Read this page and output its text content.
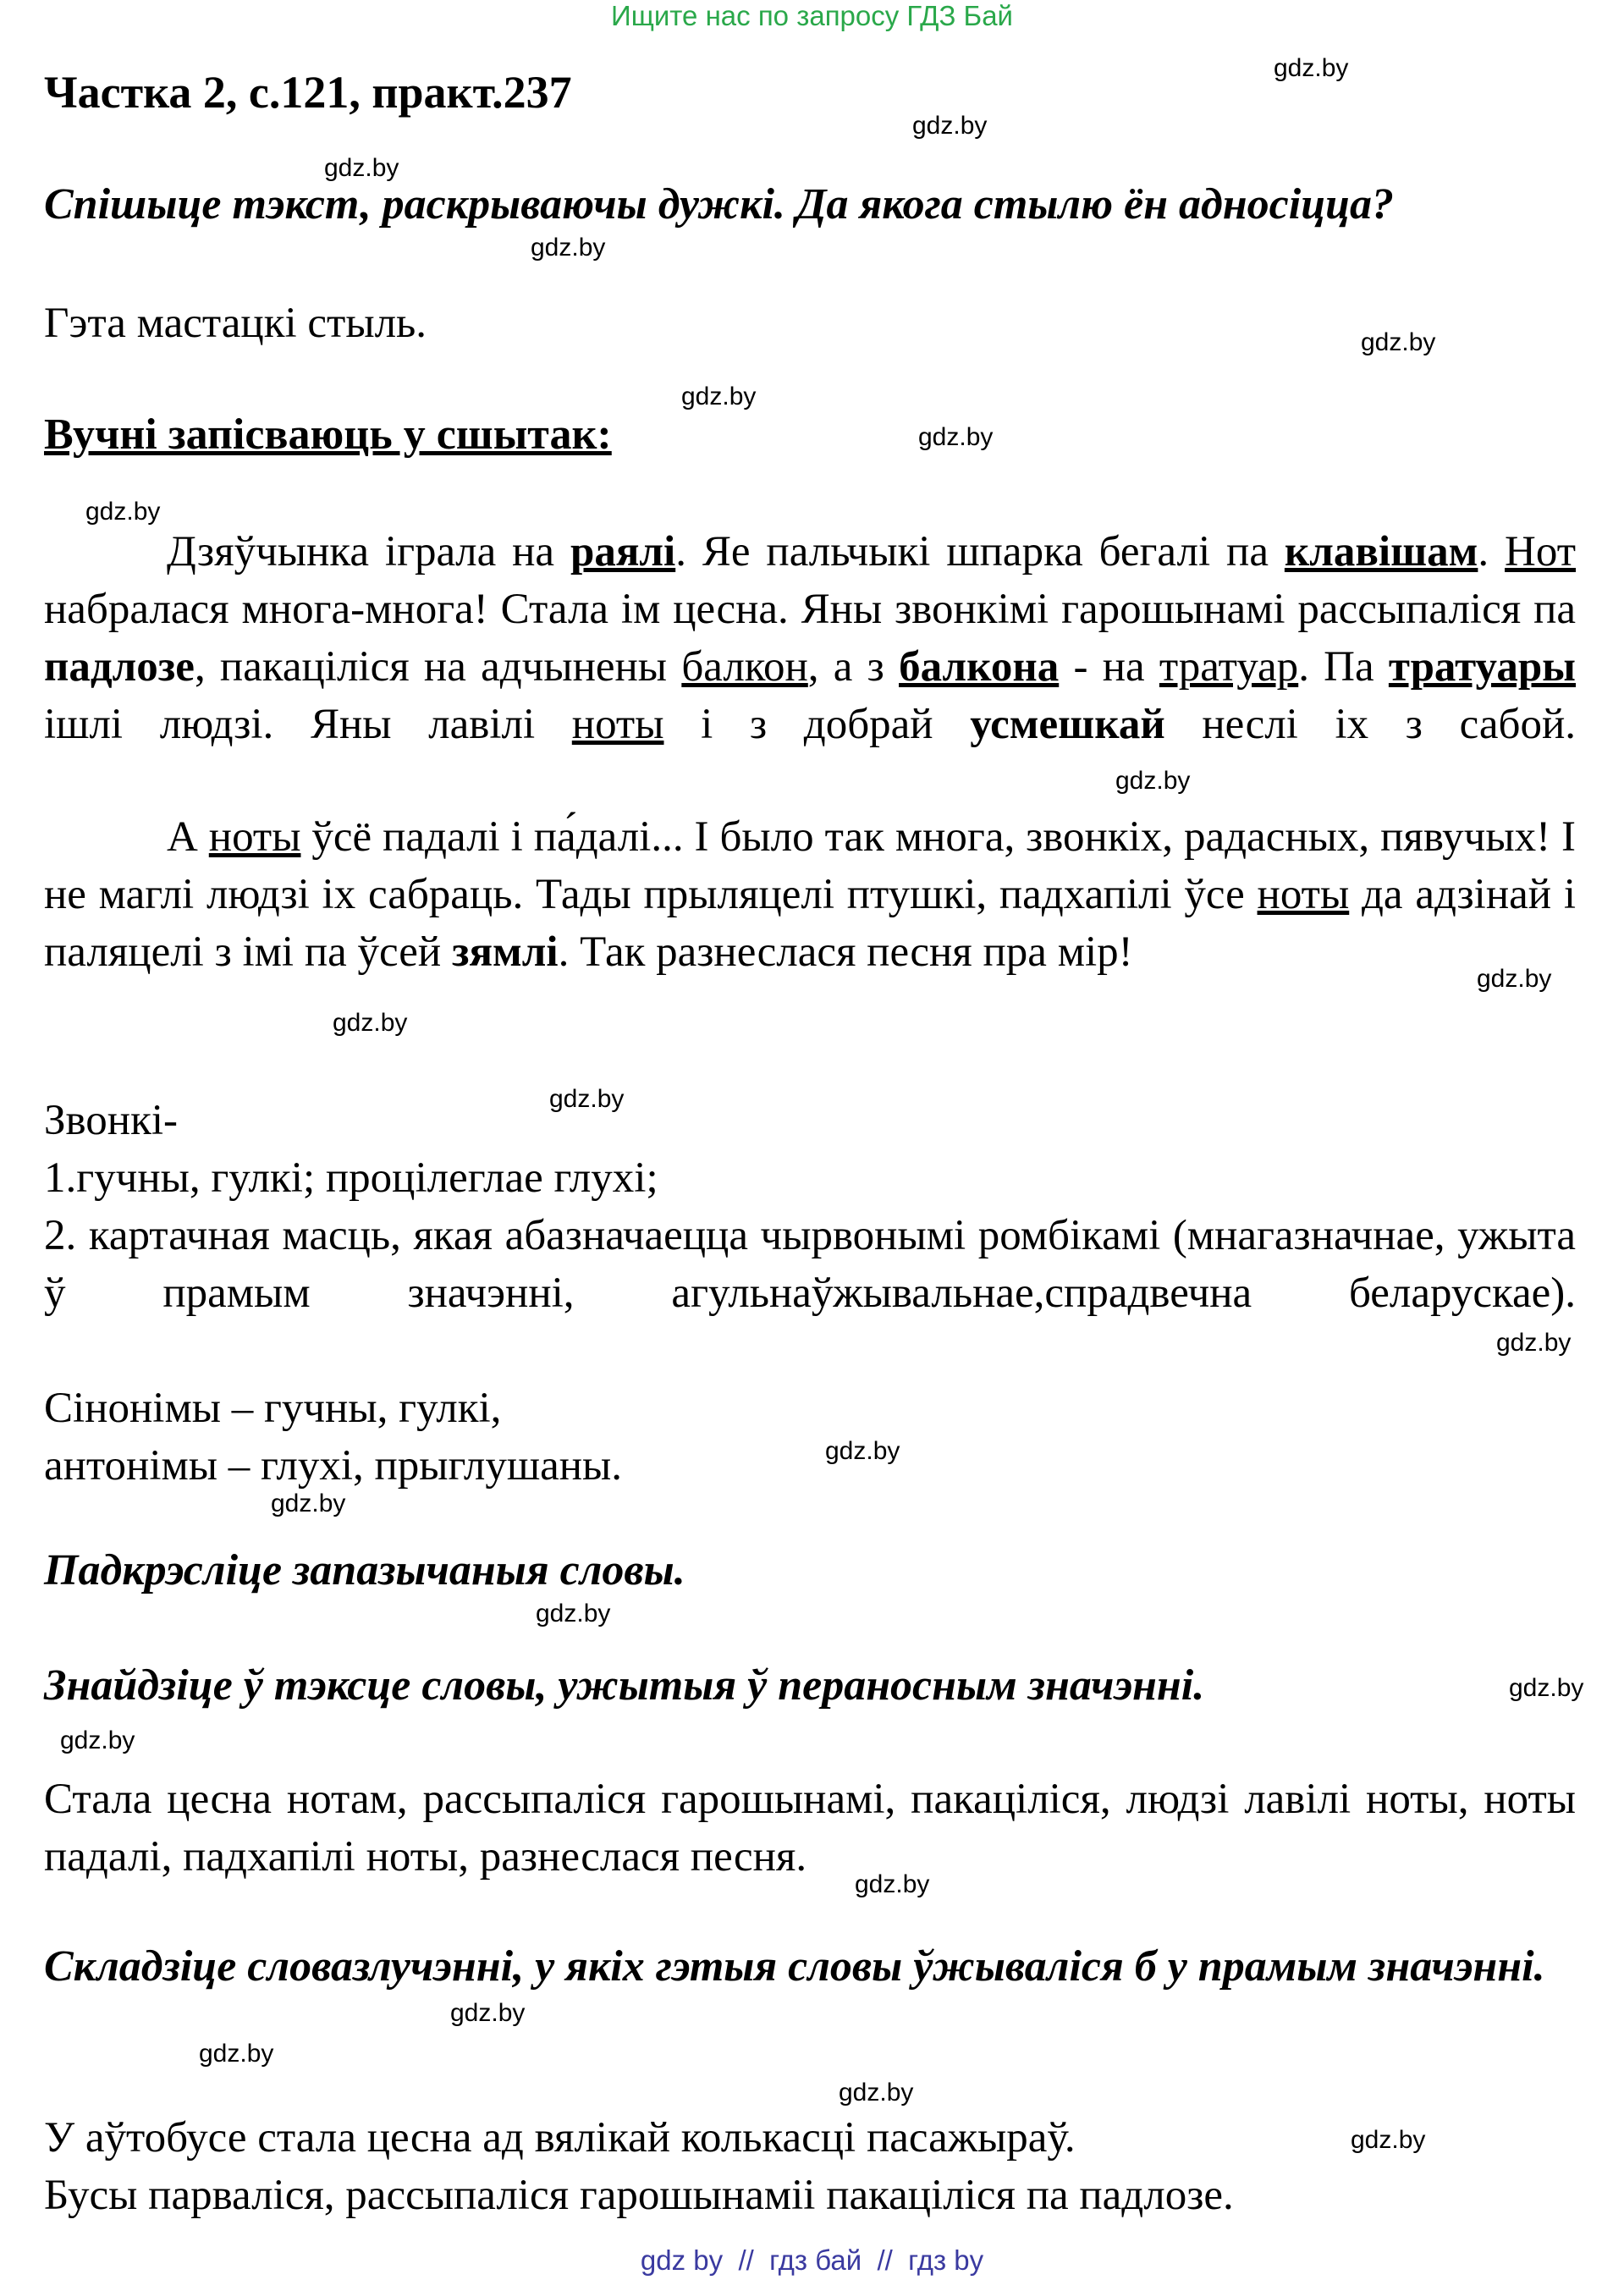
Ищите нас по запросу ГДЗ Бай
Частка 2, с.121, практ.237
Спішыце тэкст, раскрываючы дужкі. Да якога стылю ён адносіцца?
Гэта мастацкі стыль.
Вучні запісваюць у сшытак:
Дзяўчынка ігрaла на раялі. Яе пальчыкі шпарка бегалі па клавішам. Нот набралася многа-многа! Стала ім цесна. Яны звонкімі гарошынамі рассыпаліся па падлозе, пакаціліся на адчынены балкон, а з балкона - на тратуар. Па тратуары ішлі людзі. Яны лавілі ноты і з добрай усмешкай неслі іх з сабой.
А ноты ўсё падалі і па́далі... І было так многа, звонкіх, радасных, пявучых! І не маглі людзі іх сабраць. Тады прыляцелі птушкі, падхапілі ўсе ноты да адзінай і паляцелі з імі па ўсей зямлі. Так разнеслася песня пра мір!
Звонкі-
1.гучны, гулкі; процілеглае глухі;
2. картачная масць, якая абазначаецца чырвонымі ромбікамі (мнагазначнае, ужыта ў прамым значэнні, агульнаўжывальнае,спрадвечна беларускае).
Сінонімы – гучны, гулкі,
антонімы – глухі, прыглушаны.
Падкрэсліце запазычаныя словы.
Знайдзіце ў тэксце словы, ужытыя ў пераносным значэнні.
Стала цесна нотам, рассыпаліся гарошынамі, пакаціліся, людзі лавілі ноты, ноты падалі, падхапілі ноты, разнеслася песня.
Складзіце словазлучэнні, у якіх гэтыя словы ўжываліся б у прамым значэнні.
У аўтобусе стала цесна ад вялікай колькасці пасажыраў.
Бусы парваліся, рассыпаліся гарошынаміі пакаціліся па падлозе.
gdz.by
gdz.by
gdz.by
gdz.by
gdz.by
gdz.by
gdz.by
gdz.by
gdz.by
gdz.by
gdz.by
gdz.by
gdz.by
gdz.by
gdz.by
gdz.by
gdz.by
gdz.by
gdz.by
gdz.by
gdz.by
gdz.by
gdz.by
gdz by  //  гдз бай  //  гдз by
